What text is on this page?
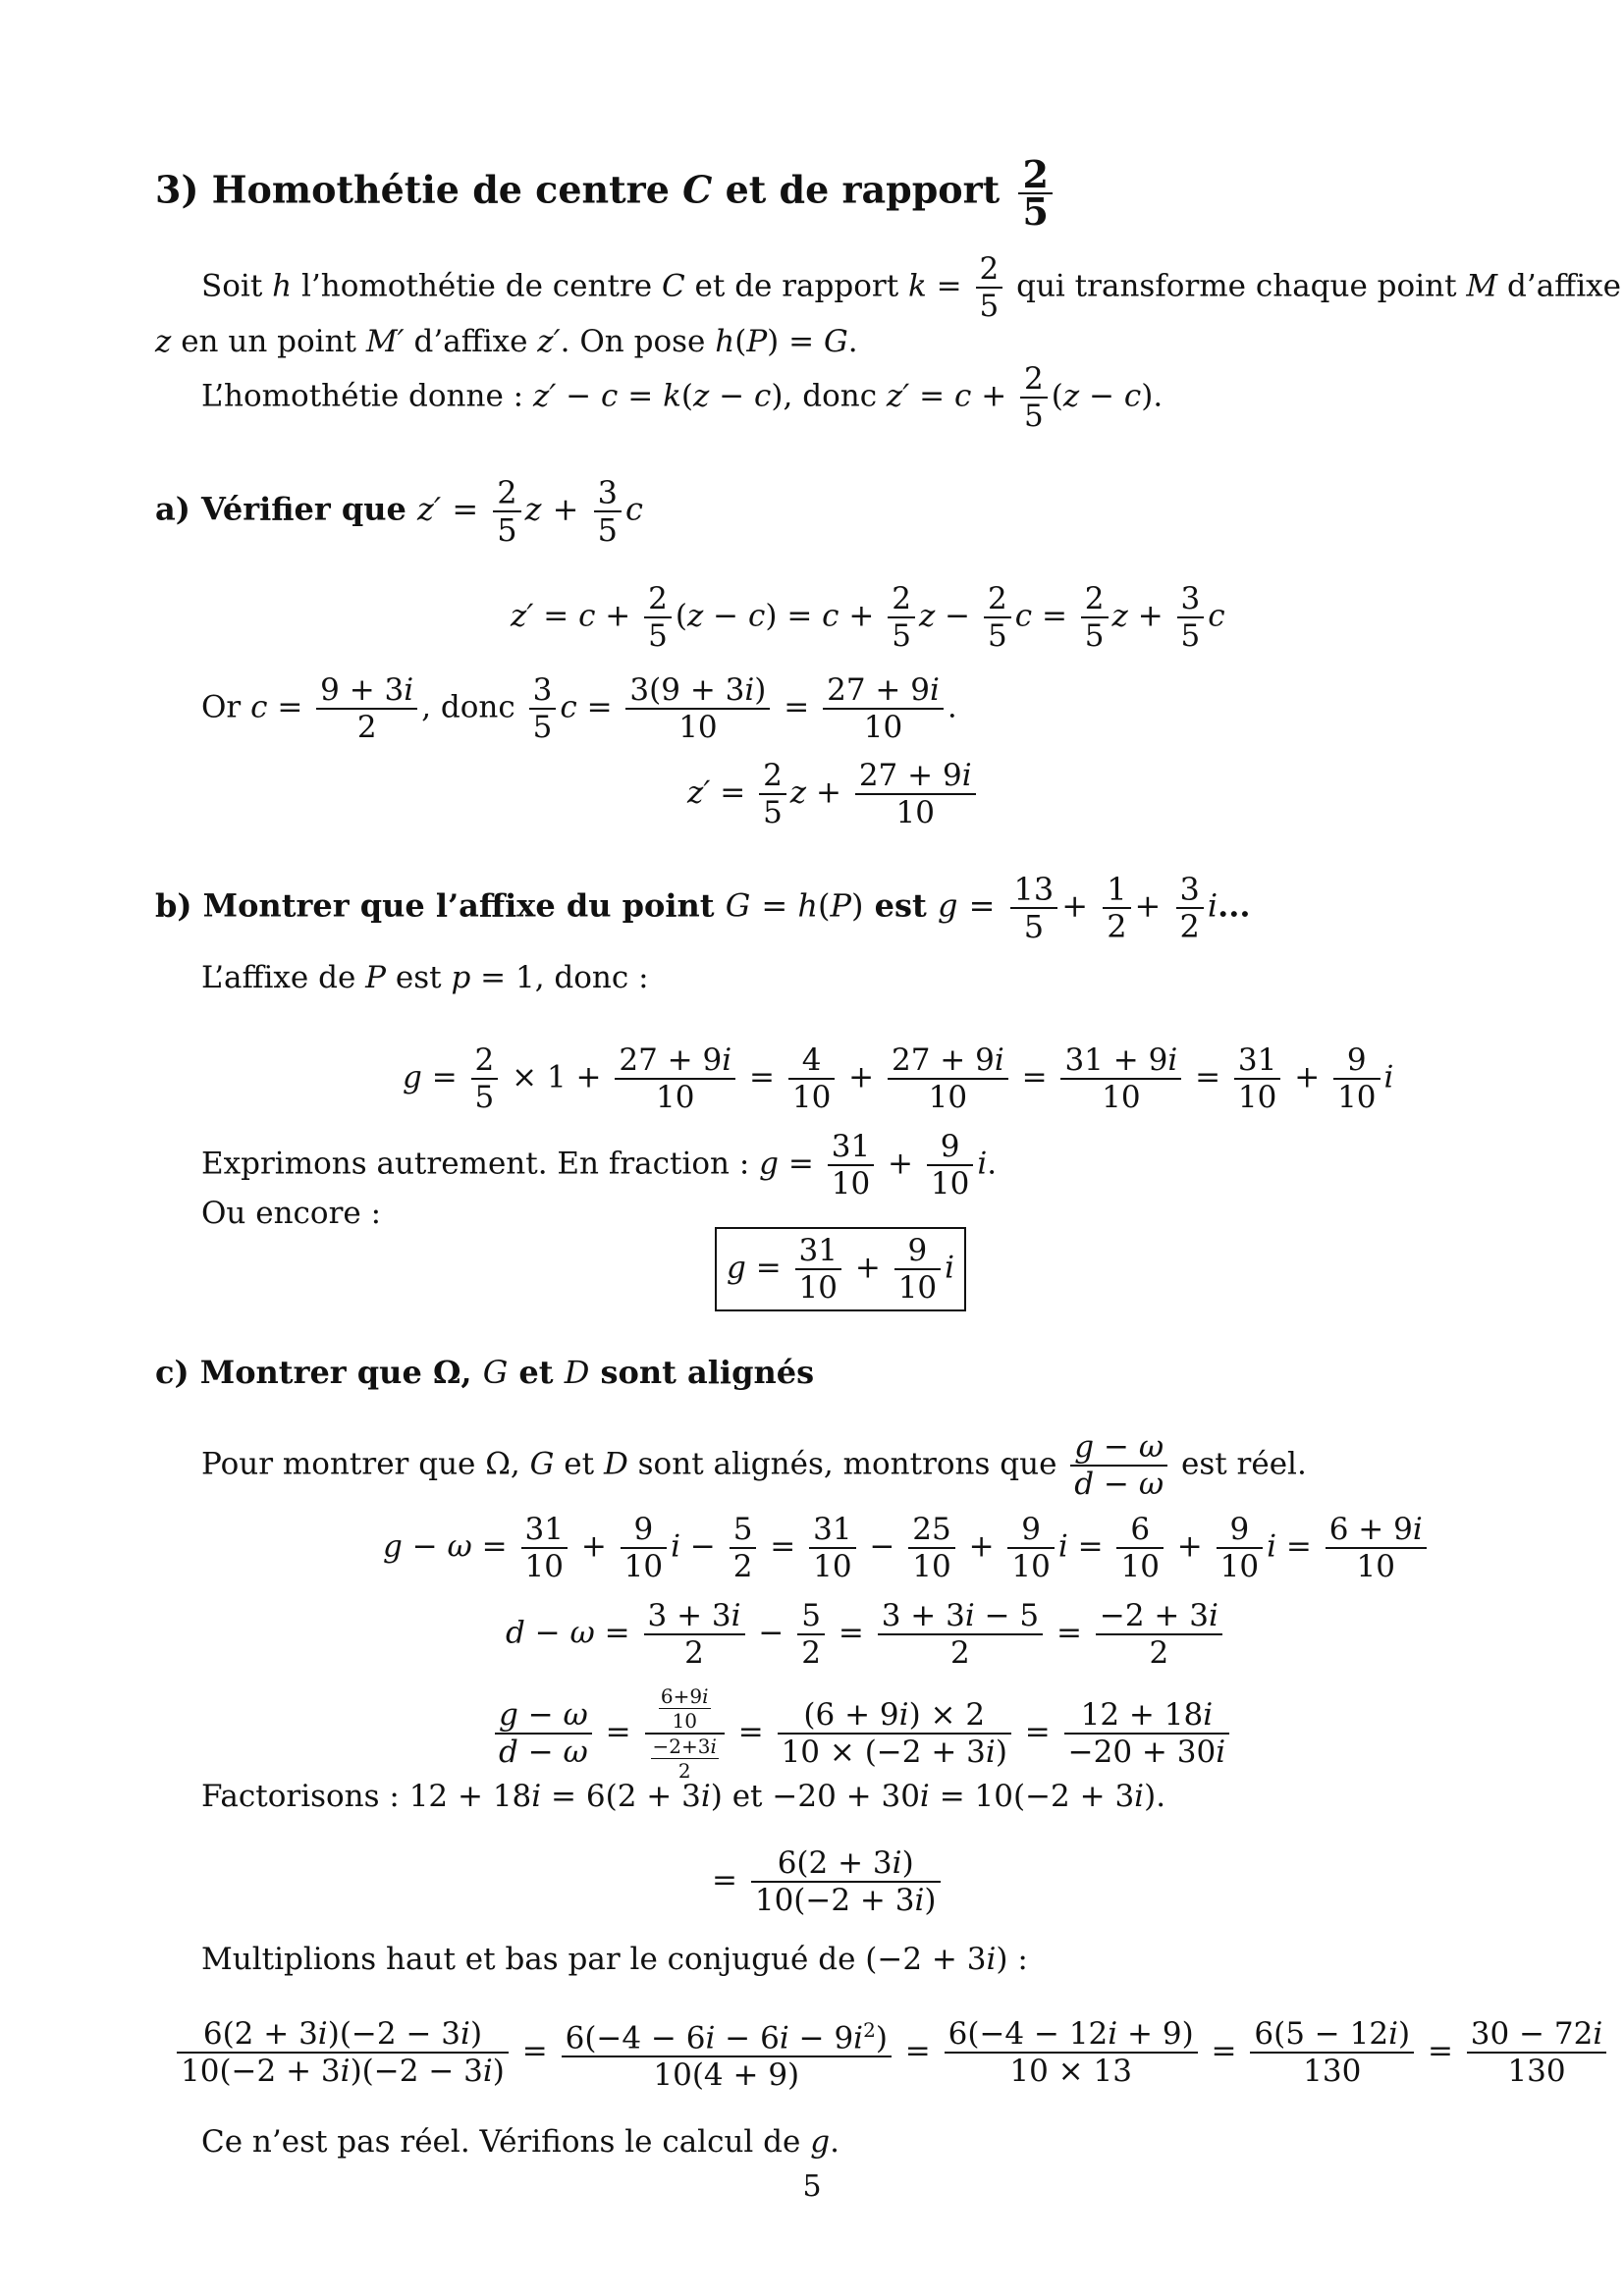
3) Homothétie de centre C et de rapport $\frac{2}{5}$
Soit h l’homothétie de centre C et de rapport $k = \frac{2}{5}$ qui transforme chaque point M d’affixe
z en un point M′ d’affixe z′. On pose h(P) = G.
L’homothétie donne : z′ − c = k(z − c), donc $z' = c + \frac{2}{5} (z - c)$.
a) Vérifier que $z' = \frac{2}{5}$ $z + \frac{3}{5}$ c
$z' = c + \frac{2}{5} (z - c) = c + \frac{2}{5}$ $z - \frac{2}{5}$ $c = \frac{2}{5}$ $z + \frac{3}{5}$ c
Or $c = \frac{9 + 3i}{2}$ , donc $\frac{3}{5}$ $c = \frac{3(9 + 3i)}{10} = \frac{27 + 9i}{10}$ .
$z' = \frac{2}{5}$ $z + \frac{27 + 9i}{10}$
b) Montrer que l’affixe du point G = h(P) est $g = \frac{13}{5} + \frac{1}{2} + \frac{3}{2} i$...
L’affixe de P est p = 1, donc :
$g = \frac{2}{5} \times 1 + \frac{27 + 9i}{10} = \frac{4}{10} + \frac{27 + 9i}{10} = \frac{31 + 9i}{10} = \frac{31}{10} + \frac{9}{10}$ i
Exprimons autrement. En fraction : $g = \frac{31}{10} + \frac{9}{10} i$.
Ou encore :
$g = \frac{31}{10} + \frac{9}{10}$ i
c) Montrer que Ω, G et D sont alignés
Pour montrer que Ω, G et D sont alignés, montrons que $\frac{g - \omega}{d - \omega}$ est réel.
$g - \omega = \frac{31}{10} + \frac{9}{10}$ $i - \frac{5}{2} = \frac{31}{10} - \frac{25}{10} + \frac{9}{10}$ $i = \frac{6}{10} + \frac{9}{10}$ $i = \frac{6 + 9i}{10}$
$d - \omega = \frac{3 + 3i}{2} - \frac{5}{2} = \frac{3 + 3i - 5}{2} = \frac{-2 + 3i}{2}$
$\frac{g - \omega}{d - \omega} = \frac{\frac{6+9i}{10}}{\frac{-2+3i}{2}} = \frac{(6 + 9i) \times 2}{10 \times (-2 + 3i)} = \frac{12 + 18i}{-20 + 30i}$
Factorisons : 12 + 18i = 6(2 + 3i) et −20 + 30i = 10(−2 + 3i).
= $\frac{6(2 + 3i)}{10(-2 + 3i)}$
Multiplions haut et bas par le conjugué de (−2 + 3i) :
$\frac{6(2 + 3i)(-2 - 3i)}{10(-2 + 3i)(-2 - 3i)} = \frac{6(-4 - 6i - 6i - 9i^2)}{10(4 + 9)} = \frac{6(-4 - 12i + 9)}{10 \times 13} = \frac{6(5 - 12i)}{130} = \frac{30 - 72i}{130}$
Ce n’est pas réel. Vérifions le calcul de g.
5
